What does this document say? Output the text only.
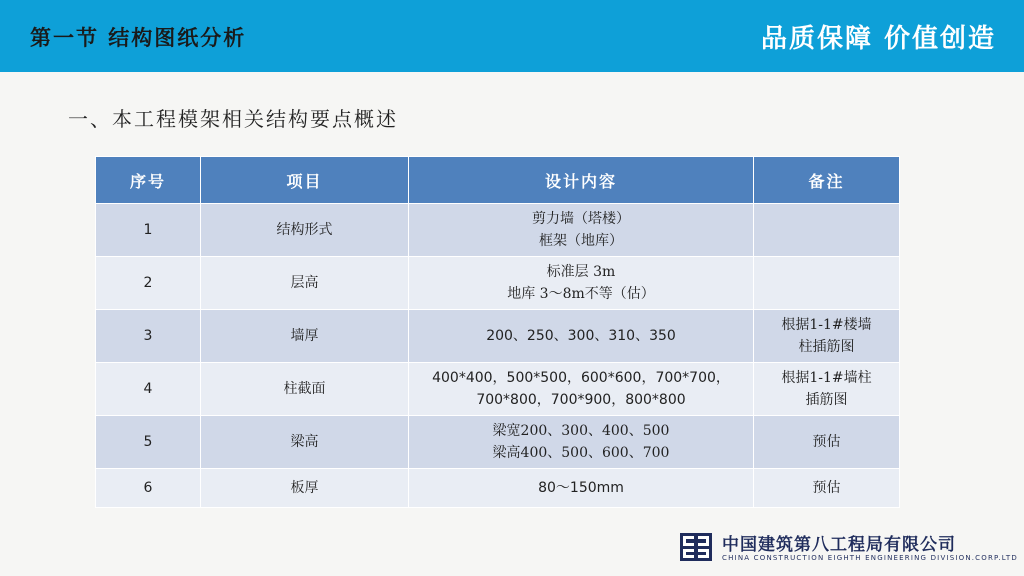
第一节 结构图纸分析	品质保障 价值创造
一、本工程模架相关结构要点概述
序号	项目	设计内容	备注
1	结构形式	剪力墙（塔楼）
框架（地库）	

2	层高	标准层 3m
地库 3～8m不等（估）	

3	墙厚	200、250、300、310、350	根据1-1#楼墙
柱插筋图

4	柱截面	400*400，500*500，600*600，700*700，
700*800，700*900，800*800	根据1-1#墙柱
插筋图

5	梁高	梁宽200、300、400、500
梁高400、500、600、700	预估

6	板厚	80～150mm	预估
中国建筑第八工程局有限公司
CHINA CONSTRUCTION EIGHTH ENGINEERING DIVISION.CORP.LTD
